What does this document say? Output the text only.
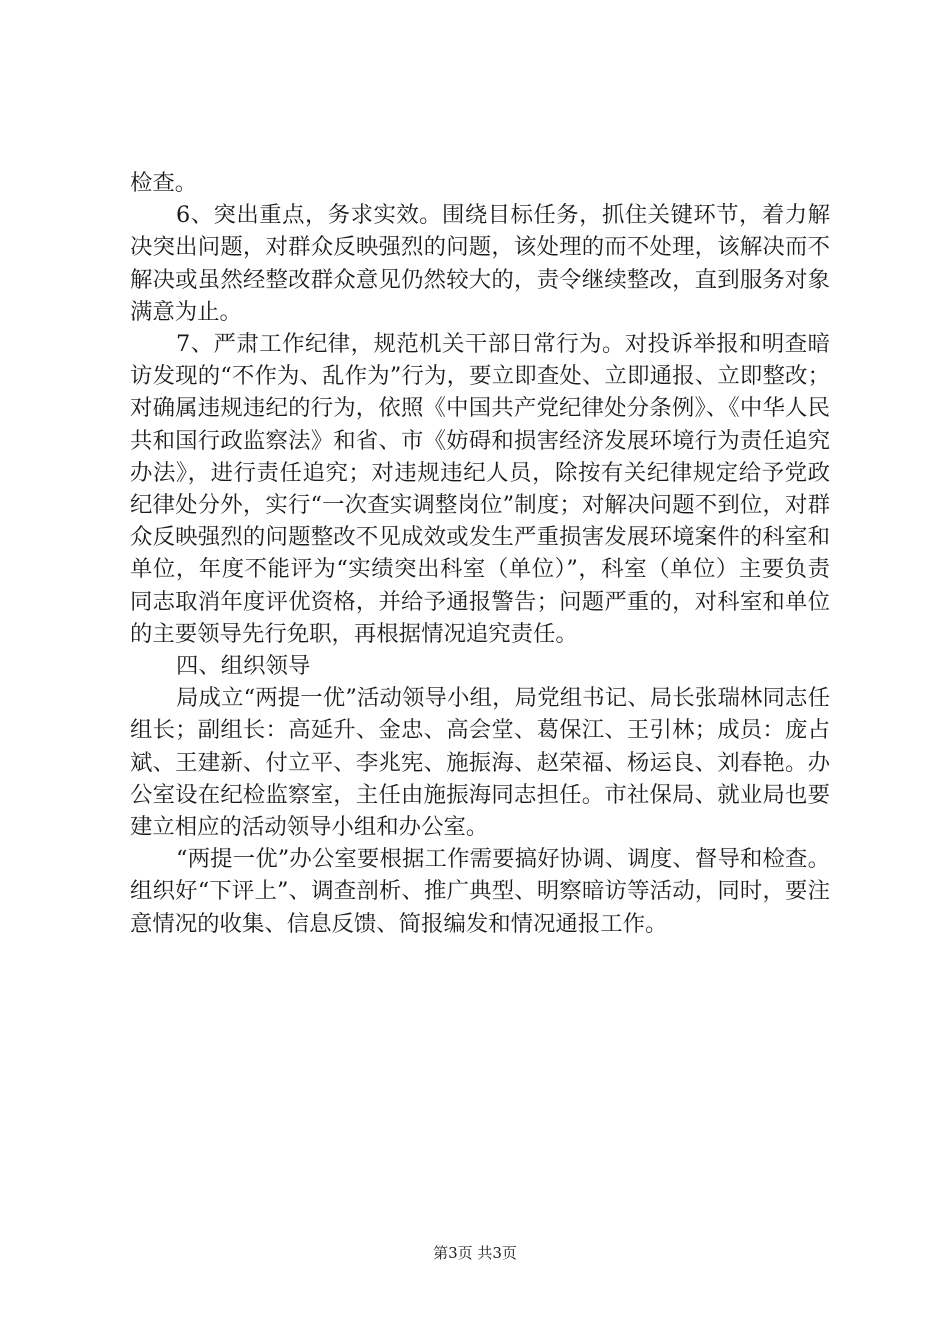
检查。

6、突出重点，务求实效。围绕目标任务，抓住关键环节，着力解决突出问题，对群众反映强烈的问题，该处理的而不处理，该解决而不解决或虽然经整改群众意见仍然较大的，责令继续整改，直到服务对象满意为止。

7、严肃工作纪律，规范机关干部日常行为。对投诉举报和明查暗访发现的“不作为、乱作为”行为，要立即查处、立即通报、立即整改；对确属违规违纪的行为，依照《中国共产党纪律处分条例》、《中华人民共和国行政监察法》和省、市《妨碍和损害经济发展环境行为责任追究办法》，进行责任追究；对违规违纪人员，除按有关纪律规定给予党政纪律处分外，实行“一次查实调整岗位”制度；对解决问题不到位，对群众反映强烈的问题整改不见成效或发生严重损害发展环境案件的科室和单位，年度不能评为“实绩突出科室（单位）”，科室（单位）主要负责同志取消年度评优资格，并给予通报警告；问题严重的，对科室和单位的主要领导先行免职，再根据情况追究责任。

四、组织领导

局成立“两提一优”活动领导小组，局党组书记、局长张瑞林同志任组长；副组长：高延升、金忠、高会堂、葛保江、王引林；成员：庞占斌、王建新、付立平、李兆宪、施振海、赵荣福、杨运良、刘春艳。办公室设在纪检监察室，主任由施振海同志担任。市社保局、就业局也要建立相应的活动领导小组和办公室。

“两提一优”办公室要根据工作需要搞好协调、调度、督导和检查。组织好“下评上”、调查剖析、推广典型、明察暗访等活动，同时，要注意情况的收集、信息反馈、简报编发和情况通报工作。

第3页 共3页
